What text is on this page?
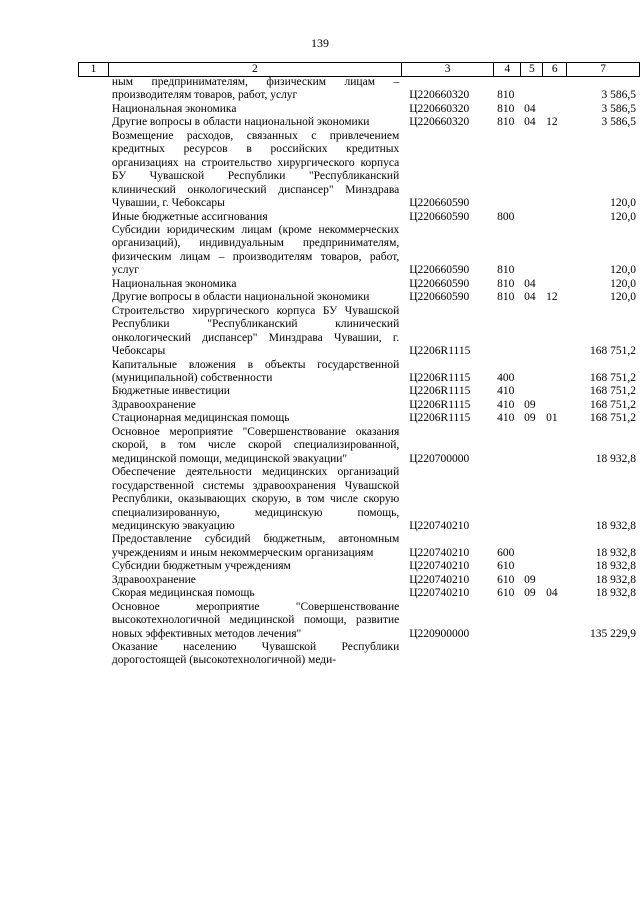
139
1	2	3	4	5	6	7
	ным предпринимателям, физическим лицам – производителям товаров, работ, услуг	Ц220660320	810			3 586,5
	Национальная экономика	Ц220660320	810	04		3 586,5
	Другие вопросы в области национальной экономики	Ц220660320	810	04	12	3 586,5
	Возмещение расходов, связанных с привлечением кредитных ресурсов в российских кредитных организациях на строительство хирургического корпуса БУ Чувашской Республики "Республиканский клинический онкологический диспансер" Минздрава Чувашии, г. Чебоксары	Ц220660590				120,0
	Иные бюджетные ассигнования	Ц220660590	800			120,0
	Субсидии юридическим лицам (кроме некоммерческих организаций), индивидуальным предпринимателям, физическим лицам – производителям товаров, работ, услуг	Ц220660590	810			120,0
	Национальная экономика	Ц220660590	810	04		120,0
	Другие вопросы в области национальной экономики	Ц220660590	810	04	12	120,0
	Строительство хирургического корпуса БУ Чувашской Республики "Республиканский клинический онкологический диспансер" Минздрава Чувашии, г. Чебоксары	Ц2206R1115				168 751,2
	Капитальные вложения в объекты государственной (муниципальной) собственности	Ц2206R1115	400			168 751,2
	Бюджетные инвестиции	Ц2206R1115	410			168 751,2
	Здравоохранение	Ц2206R1115	410	09		168 751,2
	Стационарная медицинская помощь	Ц2206R1115	410	09	01	168 751,2
	Основное мероприятие "Совершенствование оказания скорой, в том числе скорой специализированной, медицинской помощи, медицинской эвакуации"	Ц220700000				18 932,8
	Обеспечение деятельности медицинских организаций государственной системы здравоохранения Чувашской Республики, оказывающих скорую, в том числе скорую специализированную, медицинскую помощь, медицинскую эвакуацию	Ц220740210				18 932,8
	Предоставление субсидий бюджетным, автономным учреждениям и иным некоммерческим организациям	Ц220740210	600			18 932,8
	Субсидии бюджетным учреждениям	Ц220740210	610			18 932,8
	Здравоохранение	Ц220740210	610	09		18 932,8
	Скорая медицинская помощь	Ц220740210	610	09	04	18 932,8
	Основное мероприятие "Совершенствование высокотехнологичной медицинской помощи, развитие новых эффективных методов лечения"	Ц220900000				135 229,9
	Оказание населению Чувашской Республики дорогостоящей (высокотехнологичной) меди-					
